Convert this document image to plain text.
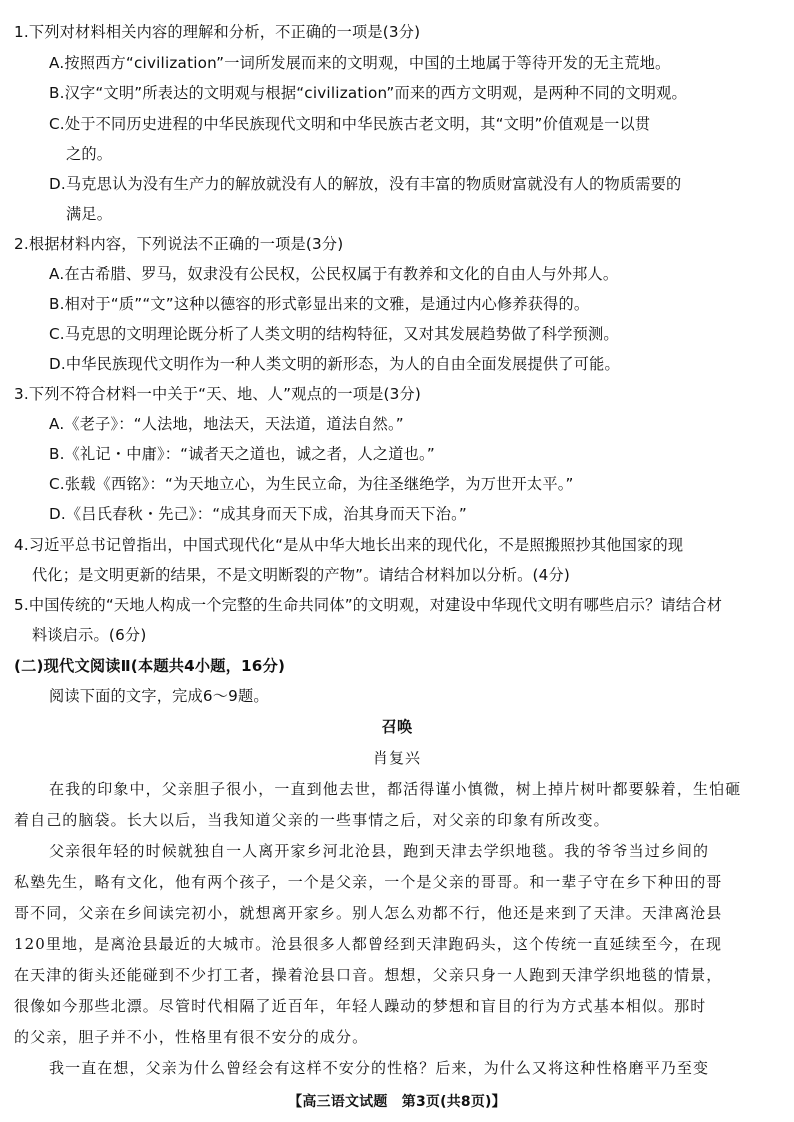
1.下列对材料相关内容的理解和分析，不正确的一项是(3分)
A.按照西方“civilization”一词所发展而来的文明观，中国的土地属于等待开发的无主荒地。
B.汉字“文明”所表达的文明观与根据“civilization”而来的西方文明观，是两种不同的文明观。
C.处于不同历史进程的中华民族现代文明和中华民族古老文明，其“文明”价值观是一以贯
之的。
D.马克思认为没有生产力的解放就没有人的解放，没有丰富的物质财富就没有人的物质需要的
满足。
2.根据材料内容，下列说法不正确的一项是(3分)
A.在古希腊、罗马，奴隶没有公民权，公民权属于有教养和文化的自由人与外邦人。
B.相对于“质”“文”这种以德容的形式彰显出来的文雅，是通过内心修养获得的。
C.马克思的文明理论既分析了人类文明的结构特征，又对其发展趋势做了科学预测。
D.中华民族现代文明作为一种人类文明的新形态，为人的自由全面发展提供了可能。
3.下列不符合材料一中关于“天、地、人”观点的一项是(3分)
A.《老子》：“人法地，地法天，天法道，道法自然。”
B.《礼记・中庸》：“诚者天之道也，诚之者，人之道也。”
C.张载《西铭》：“为天地立心，为生民立命，为往圣继绝学，为万世开太平。”
D.《吕氏春秋・先己》：“成其身而天下成，治其身而天下治。”
4.习近平总书记曾指出，中国式现代化“是从中华大地长出来的现代化，不是照搬照抄其他国家的现
代化；是文明更新的结果，不是文明断裂的产物”。请结合材料加以分析。(4分)
5.中国传统的“天地人构成一个完整的生命共同体”的文明观，对建设中华现代文明有哪些启示？请结合材
料谈启示。(6分)
(二)现代文阅读Ⅱ(本题共4小题，16分)
阅读下面的文字，完成6～9题。
召唤
肖复兴
在我的印象中，父亲胆子很小，一直到他去世，都活得谨小慎微，树上掉片树叶都要躲着，生怕砸
着自己的脑袋。长大以后，当我知道父亲的一些事情之后，对父亲的印象有所改变。
父亲很年轻的时候就独自一人离开家乡河北沧县，跑到天津去学织地毯。我的爷爷当过乡间的
私塾先生，略有文化，他有两个孩子，一个是父亲，一个是父亲的哥哥。和一辈子守在乡下种田的哥
哥不同，父亲在乡间读完初小，就想离开家乡。别人怎么劝都不行，他还是来到了天津。天津离沧县
120里地，是离沧县最近的大城市。沧县很多人都曾经到天津跑码头，这个传统一直延续至今，在现
在天津的街头还能碰到不少打工者，操着沧县口音。想想，父亲只身一人跑到天津学织地毯的情景，
很像如今那些北漂。尽管时代相隔了近百年，年轻人躁动的梦想和盲目的行为方式基本相似。那时
的父亲，胆子并不小，性格里有很不安分的成分。
我一直在想，父亲为什么曾经会有这样不安分的性格？后来，为什么又将这种性格磨平乃至变
【高三语文试题　第3页(共8页)】
